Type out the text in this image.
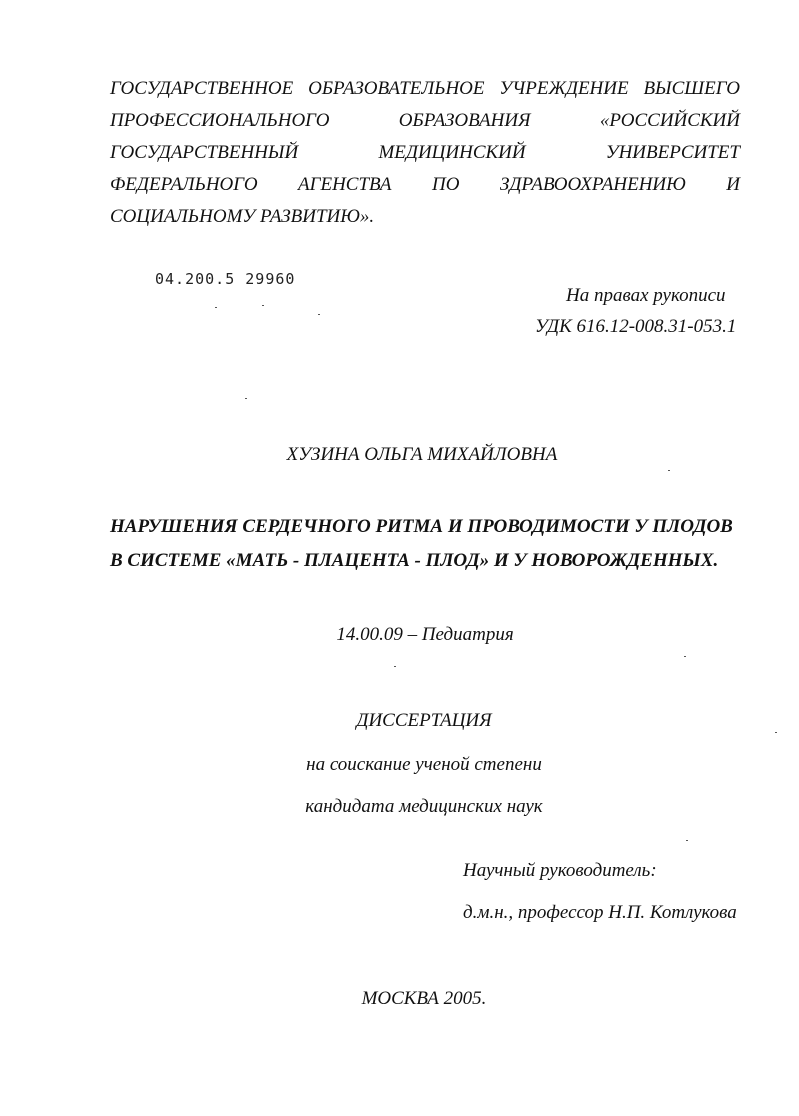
ГОСУДАРСТВЕННОЕ ОБРАЗОВАТЕЛЬНОЕ УЧРЕЖДЕНИЕ ВЫСШЕГО
ПРОФЕССИОНАЛЬНОГО	ОБРАЗОВАНИЯ	«РОССИЙСКИЙ
ГОСУДАРСТВЕННЫЙ	МЕДИЦИНСКИЙ	УНИВЕРСИТЕТ
ФЕДЕРАЛЬНОГО АГЕНСТВА ПО ЗДРАВООХРАНЕНИЮ И
СОЦИАЛЬНОМУ РАЗВИТИЮ».
04.200.5 29960
На правах рукописи
УДК 616.12-008.31-053.1
ХУЗИНА ОЛЬГА МИХАЙЛОВНА
НАРУШЕНИЯ СЕРДЕЧНОГО РИТМА И ПРОВОДИМОСТИ У ПЛОДОВ
В СИСТЕМЕ «МАТЬ - ПЛАЦЕНТА - ПЛОД» И У НОВОРОЖДЕННЫХ.
14.00.09 – Педиатрия
ДИССЕРТАЦИЯ
на соискание ученой степени
кандидата медицинских наук
Научный руководитель:
д.м.н., профессор Н.П. Котлукова
МОСКВА 2005.
